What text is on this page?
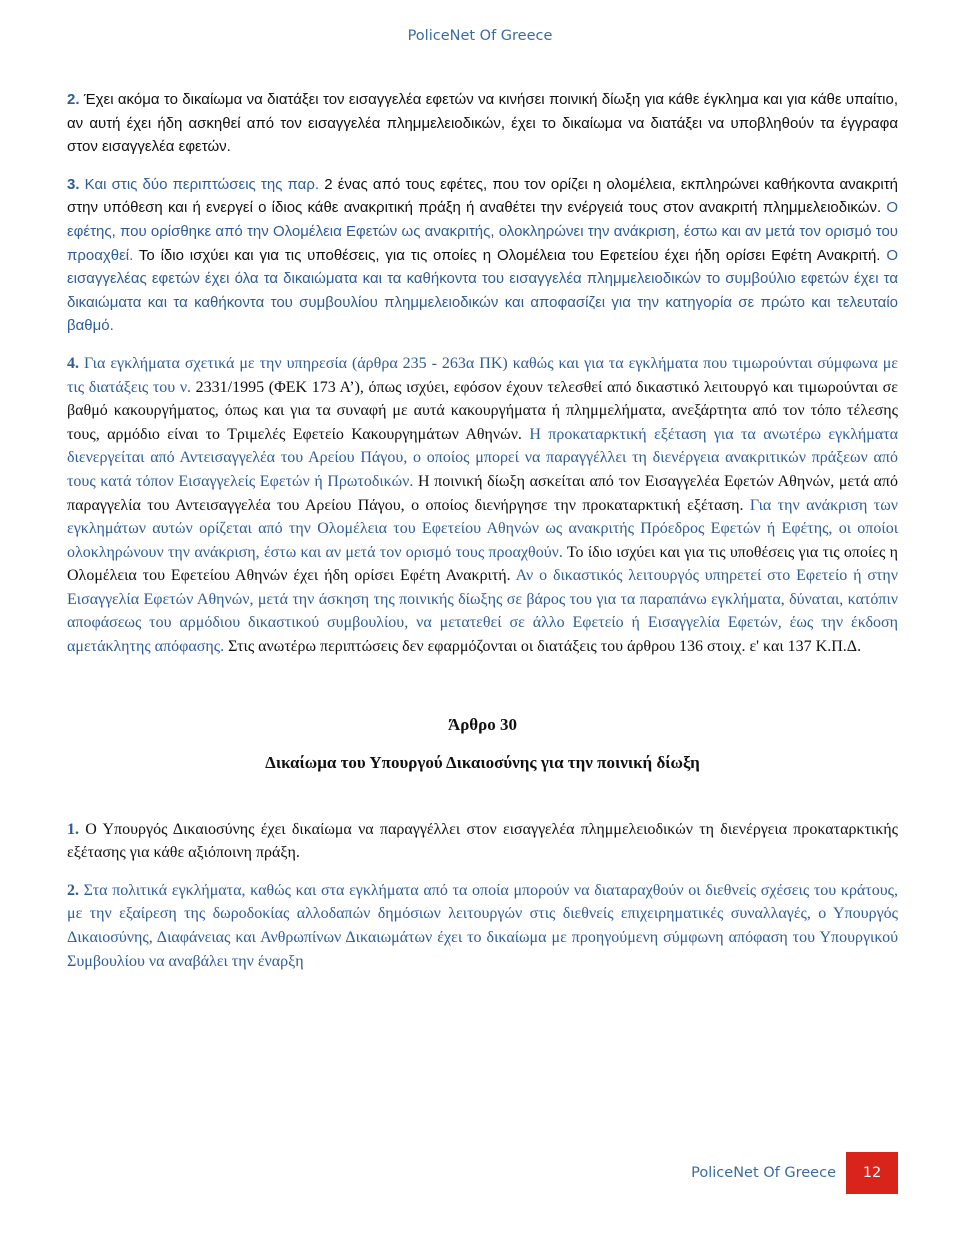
PoliceNet Of Greece

2. Έχει ακόμα το δικαίωμα να διατάξει τον εισαγγελέα εφετών να κινήσει ποινική δίωξη για κάθε έγκλημα και για κάθε υπαίτιο, αν αυτή έχει ήδη ασκηθεί από τον εισαγγελέα πλημμελειοδικών, έχει το δικαίωμα να διατάξει να υποβληθούν τα έγγραφα στον εισαγγελέα εφετών.

3. Και στις δύο περιπτώσεις της παρ. 2 ένας από τους εφέτες, που τον ορίζει η ολομέλεια, εκπληρώνει καθήκοντα ανακριτή στην υπόθεση και ή ενεργεί ο ίδιος κάθε ανακριτική πράξη ή αναθέτει την ενέργειά τους στον ανακριτή πλημμελειοδικών. Ο εφέτης, που ορίσθηκε από την Ολομέλεια Εφετών ως ανακριτής, ολοκληρώνει την ανάκριση, έστω και αν μετά τον ορισμό του προαχθεί. Το ίδιο ισχύει και για τις υποθέσεις, για τις οποίες η Ολομέλεια του Εφετείου έχει ήδη ορίσει Εφέτη Ανακριτή. Ο εισαγγελέας εφετών έχει όλα τα δικαιώματα και τα καθήκοντα του εισαγγελέα πλημμελειοδικών το συμβούλιο εφετών έχει τα δικαιώματα και τα καθήκοντα του συμβουλίου πλημμελειοδικών και αποφασίζει για την κατηγορία σε πρώτο και τελευταίο βαθμό.

4. Για εγκλήματα σχετικά με την υπηρεσία (άρθρα 235 - 263α ΠΚ) καθώς και για τα εγκλήματα που τιμωρούνται σύμφωνα με τις διατάξεις του ν. 2331/1995 (ΦΕΚ 173 Α’), όπως ισχύει, εφόσον έχουν τελεσθεί από δικαστικό λειτουργό και τιμωρούνται σε βαθμό κακουργήματος, όπως και για τα συναφή με αυτά κακουργήματα ή πλημμελήματα, ανεξάρτητα από τον τόπο τέλεσης τους, αρμόδιο είναι το Τριμελές Εφετείο Κακουργημάτων Αθηνών. Η προκαταρκτική εξέταση για τα ανωτέρω εγκλήματα διενεργείται από Αντεισαγγελέα του Αρείου Πάγου, ο οποίος μπορεί να παραγγέλλει τη διενέργεια ανακριτικών πράξεων από τους κατά τόπον Εισαγγελείς Εφετών ή Πρωτοδικών. Η ποινική δίωξη ασκείται από τον Εισαγγελέα Εφετών Αθηνών, μετά από παραγγελία του Αντεισαγγελέα του Αρείου Πάγου, ο οποίος διενήργησε την προκαταρκτική εξέταση. Για την ανάκριση των εγκλημάτων αυτών ορίζεται από την Ολομέλεια του Εφετείου Αθηνών ως ανακριτής Πρόεδρος Εφετών ή Εφέτης, οι οποίοι ολοκληρώνουν την ανάκριση, έστω και αν μετά τον ορισμό τους προαχθούν. Το ίδιο ισχύει και για τις υποθέσεις για τις οποίες η Ολομέλεια του Εφετείου Αθηνών έχει ήδη ορίσει Εφέτη Ανακριτή. Αν ο δικαστικός λειτουργός υπηρετεί στο Εφετείο ή στην Εισαγγελία Εφετών Αθηνών, μετά την άσκηση της ποινικής δίωξης σε βάρος του για τα παραπάνω εγκλήματα, δύναται, κατόπιν αποφάσεως του αρμόδιου δικαστικού συμβουλίου, να μετατεθεί σε άλλο Εφετείο ή Εισαγγελία Εφετών, έως την έκδοση αμετάκλητης απόφασης. Στις ανωτέρω περιπτώσεις δεν εφαρμόζονται οι διατάξεις του άρθρου 136 στοιχ. ε' και 137 Κ.Π.Δ.

Άρθρο 30
Δικαίωμα του Υπουργού Δικαιοσύνης για την ποινική δίωξη

1. Ο Υπουργός Δικαιοσύνης έχει δικαίωμα να παραγγέλλει στον εισαγγελέα πλημμελειοδικών τη διενέργεια προκαταρκτικής εξέτασης για κάθε αξιόποινη πράξη.

2. Στα πολιτικά εγκλήματα, καθώς και στα εγκλήματα από τα οποία μπορούν να διαταραχθούν οι διεθνείς σχέσεις του κράτους, με την εξαίρεση της δωροδοκίας αλλοδαπών δημόσιων λειτουργών στις διεθνείς επιχειρηματικές συναλλαγές, ο Υπουργός Δικαιοσύνης, Διαφάνειας και Ανθρωπίνων Δικαιωμάτων έχει το δικαίωμα με προηγούμενη σύμφωνη απόφαση του Υπουργικού Συμβουλίου να αναβάλει την έναρξη

PoliceNet Of Greece	12
